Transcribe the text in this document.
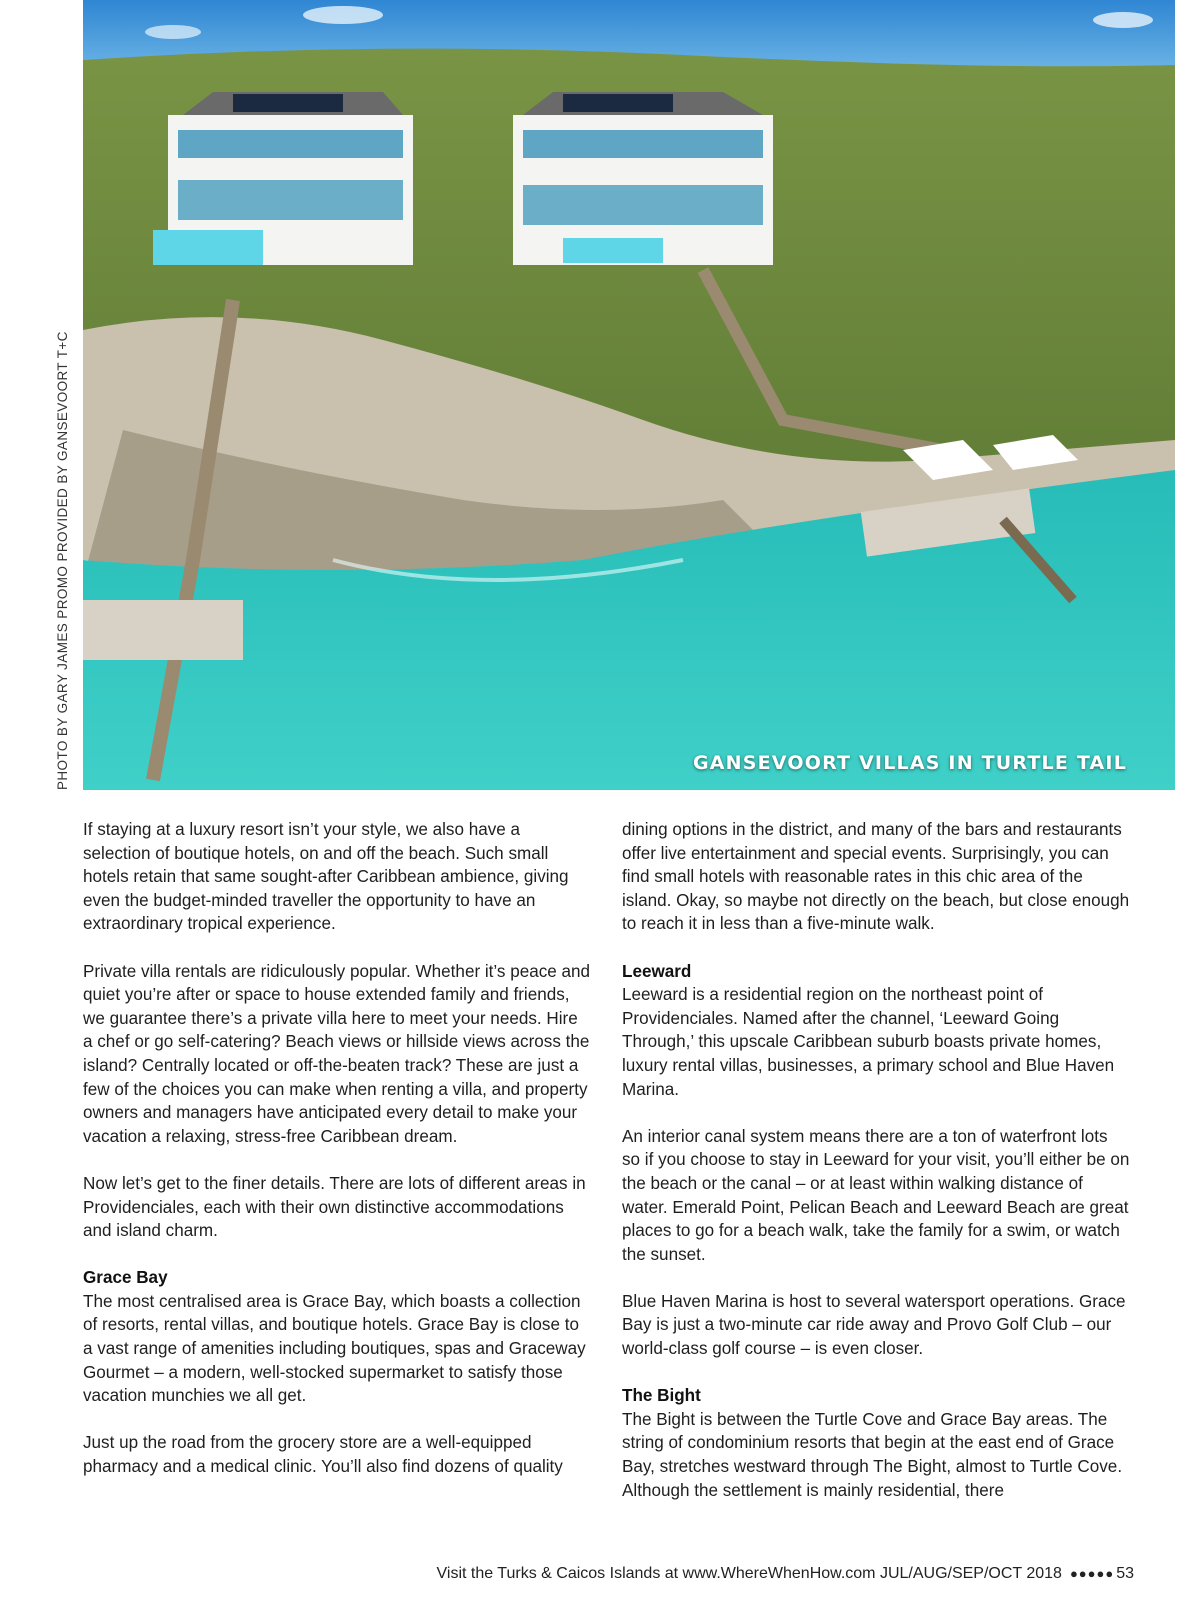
GANSEVOORT VILLAS IN TURTLE TAIL
PHOTO BY GARY JAMES PROMO PROVIDED BY GANSEVOORT T+C

If staying at a luxury resort isn’t your style, we also have a selection of boutique hotels, on and off the beach. Such small hotels retain that same sought-after Caribbean ambience, giving even the budget-minded traveller the opportunity to have an extraordinary tropical experience.

Private villa rentals are ridiculously popular. Whether it’s peace and quiet you’re after or space to house extended family and friends, we guarantee there’s a private villa here to meet your needs. Hire a chef or go self-catering? Beach views or hillside views across the island? Centrally located or off-the-beaten track? These are just a few of the choices you can make when renting a villa, and property owners and managers have anticipated every detail to make your vacation a relaxing, stress-free Caribbean dream.

Now let’s get to the finer details. There are lots of different areas in Providenciales, each with their own distinctive accommodations and island charm.

Grace Bay

The most centralised area is Grace Bay, which boasts a collection of resorts, rental villas, and boutique hotels. Grace Bay is close to a vast range of amenities including boutiques, spas and Graceway Gourmet – a modern, well-stocked supermarket to satisfy those vacation munchies we all get.

Just up the road from the grocery store are a well-equipped pharmacy and a medical clinic. You’ll also find dozens of quality

dining options in the district, and many of the bars and restaurants offer live entertainment and special events. Surprisingly, you can find small hotels with reasonable rates in this chic area of the island. Okay, so maybe not directly on the beach, but close enough to reach it in less than a five-minute walk.

Leeward

Leeward is a residential region on the northeast point of Providenciales. Named after the channel, ‘Leeward Going Through,’ this upscale Caribbean suburb boasts private homes, luxury rental villas, businesses, a primary school and Blue Haven Marina.

An interior canal system means there are a ton of waterfront lots so if you choose to stay in Leeward for your visit, you’ll either be on the beach or the canal – or at least within walking distance of water. Emerald Point, Pelican Beach and Leeward Beach are great places to go for a beach walk, take the family for a swim, or watch the sunset.

Blue Haven Marina is host to several watersport operations. Grace Bay is just a two-minute car ride away and Provo Golf Club – our world-class golf course – is even closer.

The Bight

The Bight is between the Turtle Cove and Grace Bay areas. The string of condominium resorts that begin at the east end of Grace Bay, stretches westward through The Bight, almost to Turtle Cove. Although the settlement is mainly residential, there

Visit the Turks & Caicos Islands at www.WhereWhenHow.com JUL/AUG/SEP/OCT 2018 ●●●●● 53
